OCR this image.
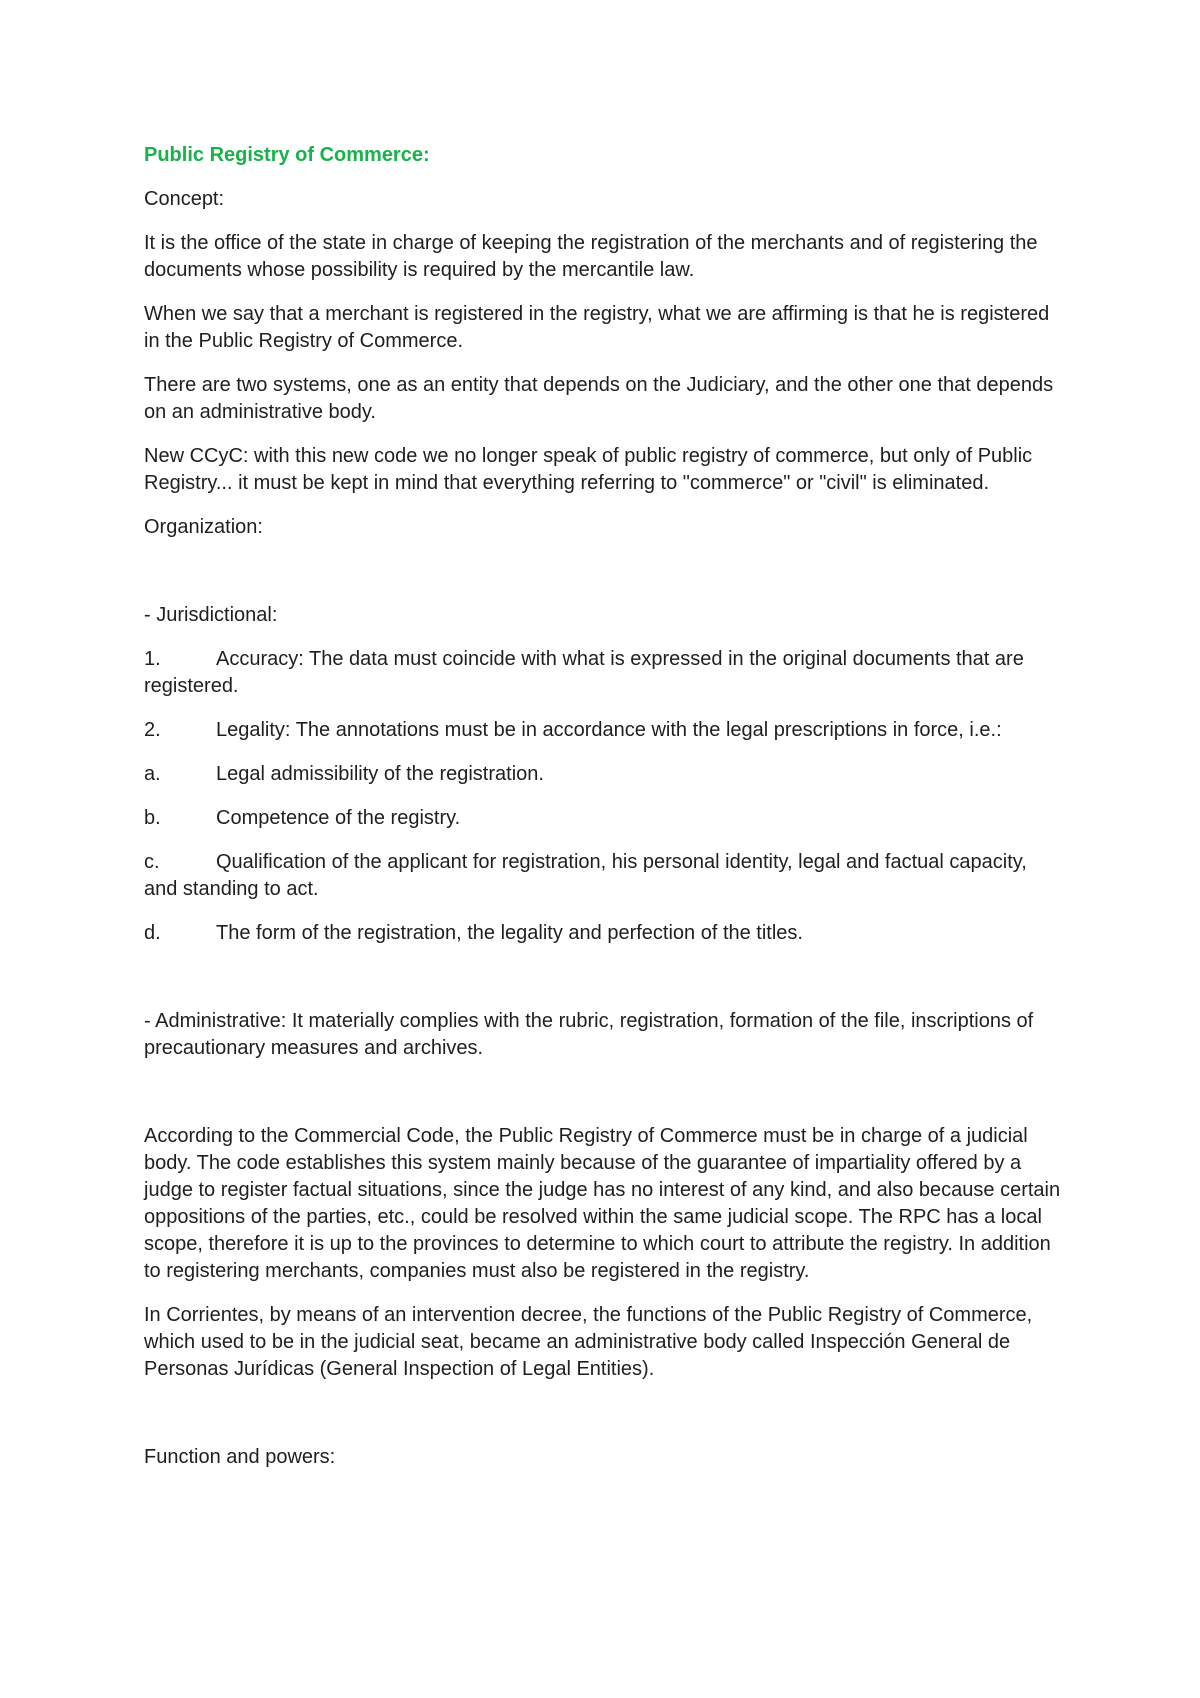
Public Registry of Commerce:

Concept:

It is the office of the state in charge of keeping the registration of the merchants and of registering the documents whose possibility is required by the mercantile law.

When we say that a merchant is registered in the registry, what we are affirming is that he is registered in the Public Registry of Commerce.

There are two systems, one as an entity that depends on the Judiciary, and the other one that depends on an administrative body.

New CCyC: with this new code we no longer speak of public registry of commerce, but only of Public Registry... it must be kept in mind that everything referring to "commerce" or "civil" is eliminated.

Organization:

- Jurisdictional:

1.	Accuracy: The data must coincide with what is expressed in the original documents that are registered.

2.	Legality: The annotations must be in accordance with the legal prescriptions in force, i.e.:

a.	Legal admissibility of the registration.

b.	Competence of the registry.

c.	Qualification of the applicant for registration, his personal identity, legal and factual capacity, and standing to act.

d.	The form of the registration, the legality and perfection of the titles.

- Administrative: It materially complies with the rubric, registration, formation of the file, inscriptions of precautionary measures and archives.

According to the Commercial Code, the Public Registry of Commerce must be in charge of a judicial body. The code establishes this system mainly because of the guarantee of impartiality offered by a judge to register factual situations, since the judge has no interest of any kind, and also because certain oppositions of the parties, etc., could be resolved within the same judicial scope. The RPC has a local scope, therefore it is up to the provinces to determine to which court to attribute the registry. In addition to registering merchants, companies must also be registered in the registry.

In Corrientes, by means of an intervention decree, the functions of the Public Registry of Commerce, which used to be in the judicial seat, became an administrative body called Inspección General de Personas Jurídicas (General Inspection of Legal Entities).

Function and powers:
